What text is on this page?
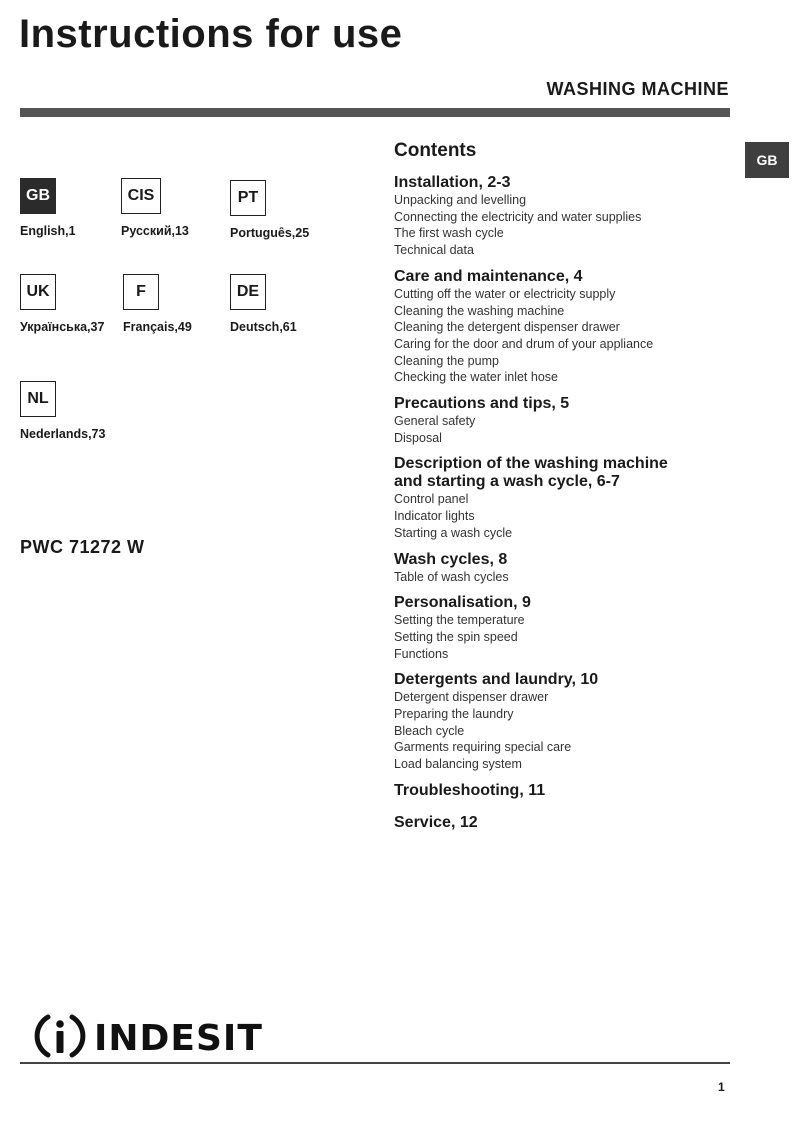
Instructions for use
WASHING MACHINE
GB
GB
English,1
CIS
Русский,13
PT
Português,25
UK
Українська,37
F
Français,49
DE
Deutsch,61
NL
Nederlands,73
PWC 71272 W
Contents
Installation, 2-3
Unpacking and levelling
Connecting the electricity and water supplies
The first wash cycle
Technical data
Care and maintenance, 4
Cutting off the water or electricity supply
Cleaning the washing machine
Cleaning the detergent dispenser drawer
Caring for the door and drum of your appliance
Cleaning the pump
Checking the water inlet hose
Precautions and tips, 5
General safety
Disposal
Description of the washing machine
and starting a wash cycle, 6-7
Control panel
Indicator lights
Starting a wash cycle
Wash cycles, 8
Table of wash cycles
Personalisation, 9
Setting the temperature
Setting the spin speed
Functions
Detergents and laundry, 10
Detergent dispenser drawer
Preparing the laundry
Bleach cycle
Garments requiring special care
Load balancing system
Troubleshooting, 11
Service, 12
INDESIT
1
